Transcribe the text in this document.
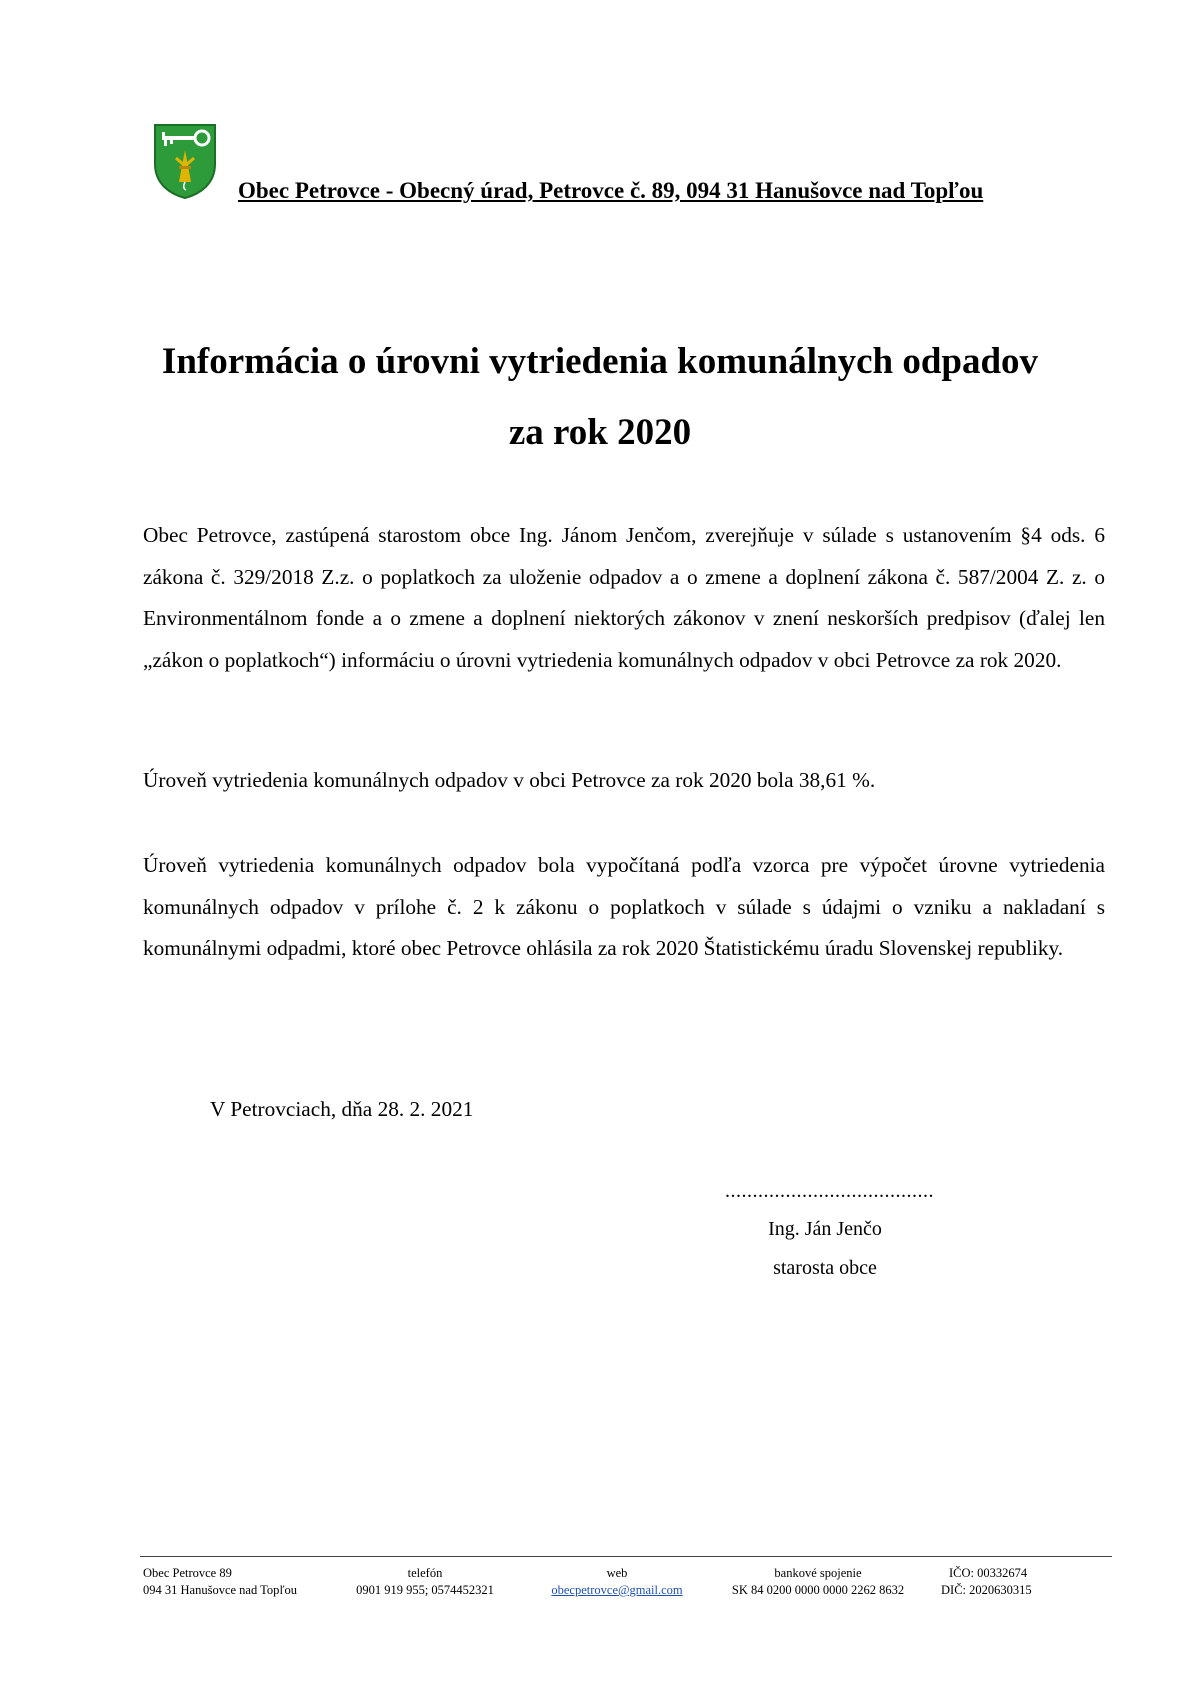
Obec Petrovce - Obecný úrad, Petrovce č. 89, 094 31 Hanušovce nad Topľou
Informácia o úrovni vytriedenia komunálnych odpadov
za rok 2020

Obec Petrovce, zastúpená starostom obce Ing. Jánom Jenčom, zverejňuje v súlade s ustanovením §4 ods. 6 zákona č. 329/2018 Z.z. o poplatkoch za uloženie odpadov a o zmene a doplnení zákona č. 587/2004 Z. z. o Environmentálnom fonde a o zmene a doplnení niektorých zákonov v znení neskorších predpisov (ďalej len „zákon o poplatkoch“) informáciu o úrovni vytriedenia komunálnych odpadov v obci Petrovce za rok 2020.

Úroveň vytriedenia komunálnych odpadov v obci Petrovce za rok 2020 bola 38,61 %.

Úroveň vytriedenia komunálnych odpadov bola vypočítaná podľa vzorca pre výpočet úrovne vytriedenia komunálnych odpadov v prílohe č. 2 k zákonu o poplatkoch v súlade s údajmi o vzniku a nakladaní s komunálnymi odpadmi, ktoré obec Petrovce ohlásila za rok 2020 Štatistickému úradu Slovenskej republiky.

V Petrovciach, dňa 28. 2. 2021
......................................
Ing. Ján Jenčo
starosta obce
Obec Petrovce 89
094 31 Hanušovce nad Topľou
telefón
0901 919 955; 0574452321
web
obecpetrovce@gmail.com
bankové spojenie
SK 84 0200 0000 0000 2262 8632
IČO: 00332674
DIČ: 2020630315
